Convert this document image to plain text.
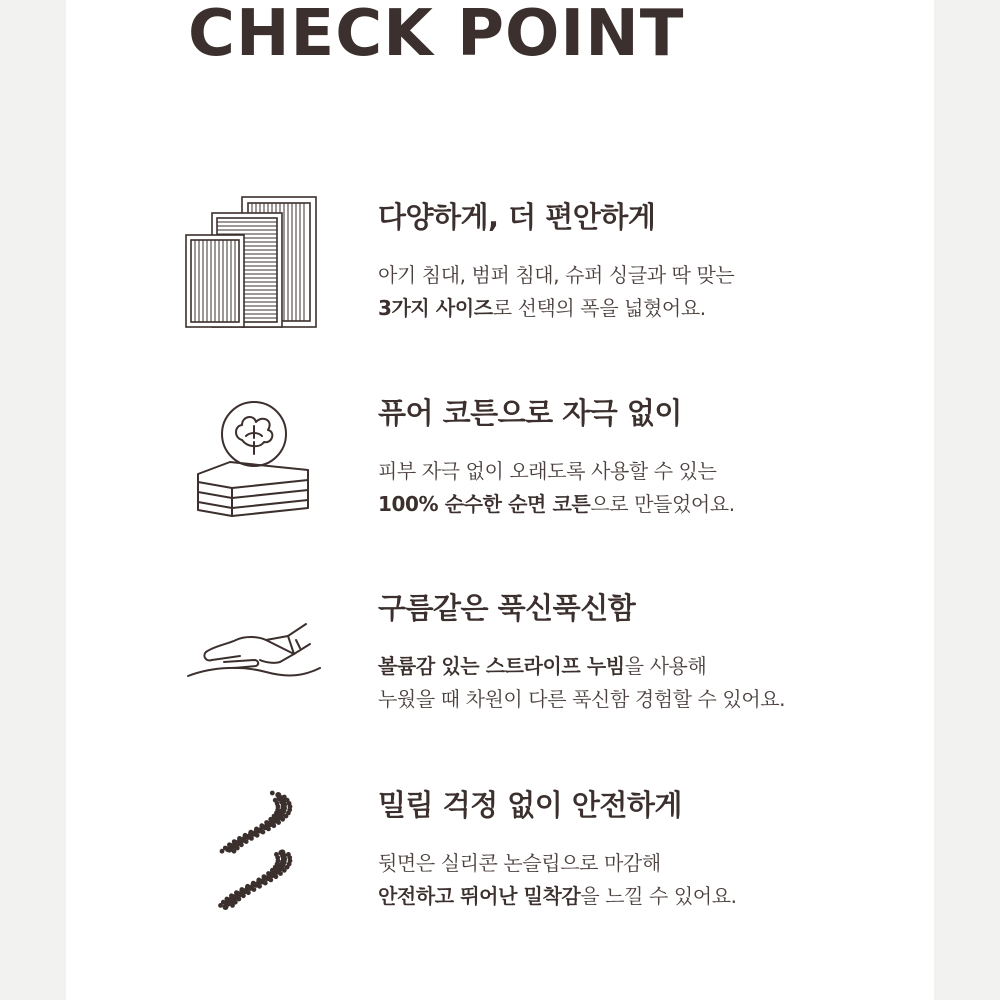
CHECK POINT
다양하게, 더 편안하게
아기 침대, 범퍼 침대, 슈퍼 싱글과 딱 맞는
3가지 사이즈로 선택의 폭을 넓혔어요.
퓨어 코튼으로 자극 없이
피부 자극 없이 오래도록 사용할 수 있는
100% 순수한 순면 코튼으로 만들었어요.
구름같은 푹신푹신함
볼륨감 있는 스트라이프 누빔을 사용해
누웠을 때 차원이 다른 푹신함 경험할 수 있어요.
밀림 걱정 없이 안전하게
뒷면은 실리콘 논슬립으로 마감해
안전하고 뛰어난 밀착감을 느낄 수 있어요.
